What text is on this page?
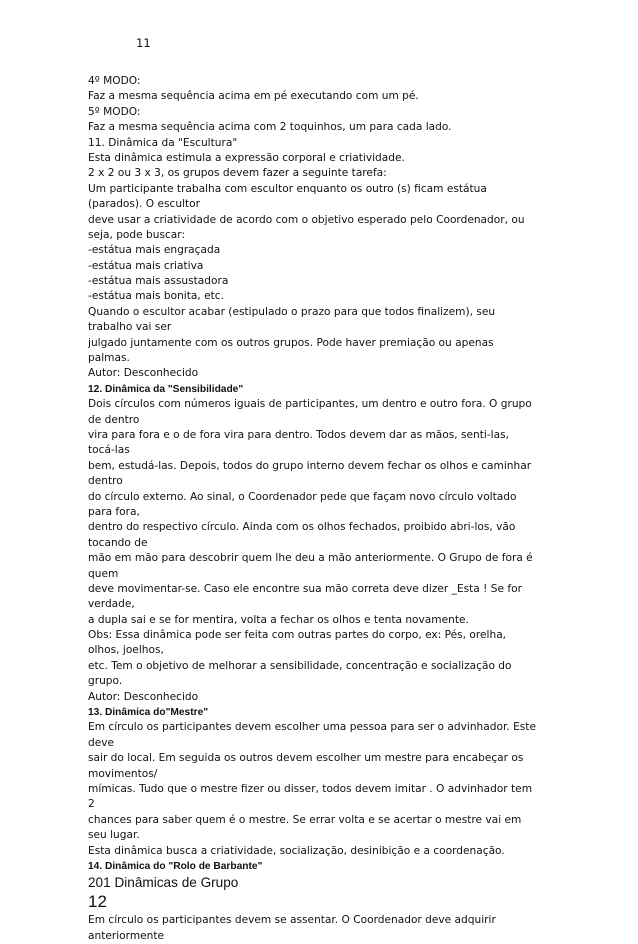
11
4º MODO:
Faz a mesma sequência acima em pé executando com um pé.
5º MODO:
Faz a mesma sequência acima com 2 toquinhos, um para cada lado.
11. Dinâmica da "Escultura"
Esta dinâmica estimula a expressão corporal e criatividade.
2 x 2 ou 3 x 3, os grupos devem fazer a seguinte tarefa:
Um participante trabalha com escultor enquanto os outro (s) ficam estátua
(parados). O escultor
deve usar a criatividade de acordo com o objetivo esperado pelo Coordenador, ou
seja, pode buscar:
-estátua mais engraçada
-estátua mais criativa
-estátua mais assustadora
-estátua mais bonita, etc.
Quando o escultor acabar (estipulado o prazo para que todos finalizem), seu
trabalho vai ser
julgado juntamente com os outros grupos. Pode haver premiação ou apenas
palmas.
Autor: Desconhecido
12. Dinâmica da "Sensibilidade"
Dois círculos com números iguais de participantes, um dentro e outro fora. O grupo
de dentro
vira para fora e o de fora vira para dentro. Todos devem dar as mãos, senti-las,
tocá-las
bem, estudá-las. Depois, todos do grupo interno devem fechar os olhos e caminhar
dentro
do círculo externo. Ao sinal, o Coordenador pede que façam novo círculo voltado
para fora,
dentro do respectivo círculo. Ainda com os olhos fechados, proibido abri-los, vão
tocando de
mão em mão para descobrir quem lhe deu a mão anteriormente. O Grupo de fora é
quem
deve movimentar-se. Caso ele encontre sua mão correta deve dizer _Esta ! Se for
verdade,
a dupla sai e se for mentira, volta a fechar os olhos e tenta novamente.
Obs: Essa dinâmica pode ser feita com outras partes do corpo, ex: Pés, orelha,
olhos, joelhos,
etc. Tem o objetivo de melhorar a sensibilidade, concentração e socialização do
grupo.
Autor: Desconhecido
13. Dinâmica do"Mestre"
Em círculo os participantes devem escolher uma pessoa para ser o advinhador. Este
deve
sair do local. Em seguida os outros devem escolher um mestre para encabeçar os
movimentos/
mímicas. Tudo que o mestre fizer ou disser, todos devem imitar . O advinhador tem
2
chances para saber quem é o mestre. Se errar volta e se acertar o mestre vai em
seu lugar.
Esta dinâmica busca a criatividade, socialização, desinibição e a coordenação.
14. Dinâmica do "Rolo de Barbante"
201 Dinâmicas de Grupo
12
Em círculo os participantes devem se assentar. O Coordenador deve adquirir
anteriormente
